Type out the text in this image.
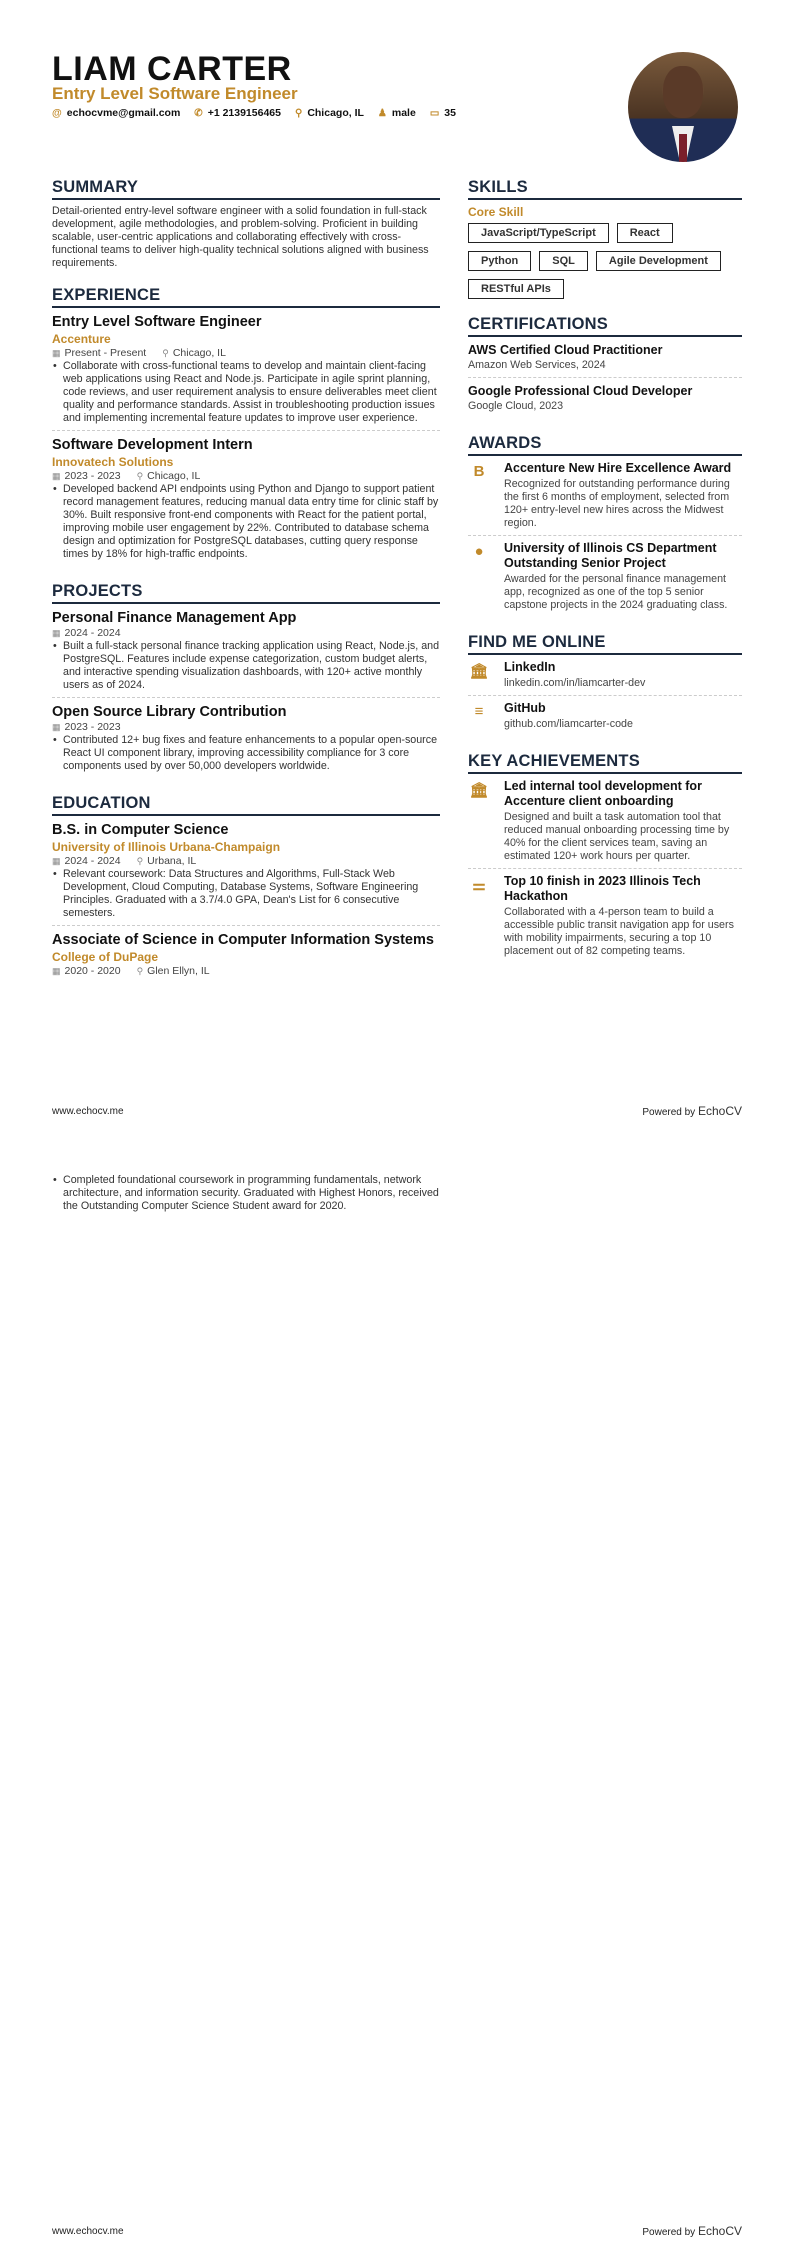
LIAM CARTER
Entry Level Software Engineer
@ echocvme@gmail.com ✆ +1 2139156465 ⚲ Chicago, IL ♟ male ▭ 35
SUMMARY

Detail-oriented entry-level software engineer with a solid foundation in full-stack development, agile methodologies, and problem-solving. Proficient in building scalable, user-centric applications and collaborating effectively with cross-functional teams to deliver high-quality technical solutions aligned with business requirements.

EXPERIENCE
Entry Level Software Engineer
Accenture
▦ Present - Present ⚲ Chicago, IL
• Collaborate with cross-functional teams to develop and maintain client-facing web applications using React and Node.js. Participate in agile sprint planning, code reviews, and user requirement analysis to ensure deliverables meet client quality and performance standards. Assist in troubleshooting production issues and implementing incremental feature updates to improve user experience.
Software Development Intern
Innovatech Solutions
▦ 2023 - 2023 ⚲ Chicago, IL
• Developed backend API endpoints using Python and Django to support patient record management features, reducing manual data entry time for clinic staff by 30%. Built responsive front-end components with React for the patient portal, improving mobile user engagement by 22%. Contributed to database schema design and optimization for PostgreSQL databases, cutting query response times by 18% for high-traffic endpoints.
PROJECTS
Personal Finance Management App
▦ 2024 - 2024
• Built a full-stack personal finance tracking application using React, Node.js, and PostgreSQL. Features include expense categorization, custom budget alerts, and interactive spending visualization dashboards, with 120+ active monthly users as of 2024.
Open Source Library Contribution
▦ 2023 - 2023
• Contributed 12+ bug fixes and feature enhancements to a popular open-source React UI component library, improving accessibility compliance for 3 core components used by over 50,000 developers worldwide.
EDUCATION
B.S. in Computer Science
University of Illinois Urbana-Champaign
▦ 2024 - 2024 ⚲ Urbana, IL
• Relevant coursework: Data Structures and Algorithms, Full-Stack Web Development, Cloud Computing, Database Systems, Software Engineering Principles. Graduated with a 3.7/4.0 GPA, Dean's List for 6 consecutive semesters.
Associate of Science in Computer Information Systems
College of DuPage
▦ 2020 - 2020 ⚲ Glen Ellyn, IL
SKILLS
Core Skill
JavaScript/TypeScript	React
Python	SQL	Agile Development
RESTful APIs
CERTIFICATIONS
AWS Certified Cloud Practitioner
Amazon Web Services, 2024
Google Professional Cloud Developer
Google Cloud, 2023
AWARDS
B	Accenture New Hire Excellence Award
Recognized for outstanding performance during the first 6 months of employment, selected from 120+ entry-level new hires across the Midwest region.
●	University of Illinois CS Department Outstanding Senior Project
Awarded for the personal finance management app, recognized as one of the top 5 senior capstone projects in the 2024 graduating class.
FIND ME ONLINE
🏛 LinkedIn
linkedin.com/in/liamcarter-dev
≡	GitHub
github.com/liamcarter-code
KEY ACHIEVEMENTS
🏛 Led internal tool development for Accenture client onboarding
Designed and built a task automation tool that reduced manual onboarding processing time by 40% for the client services team, saving an estimated 120+ work hours per quarter.
⚌	Top 10 finish in 2023 Illinois Tech Hackathon
Collaborated with a 4-person team to build a accessible public transit navigation app for users with mobility impairments, securing a top 10 placement out of 82 competing teams.
www.echocv.me	Powered by EchoCV
• Completed foundational coursework in programming fundamentals, network architecture, and information security. Graduated with Highest Honors, received the Outstanding Computer Science Student award for 2020.
www.echocv.me	Powered by EchoCV
